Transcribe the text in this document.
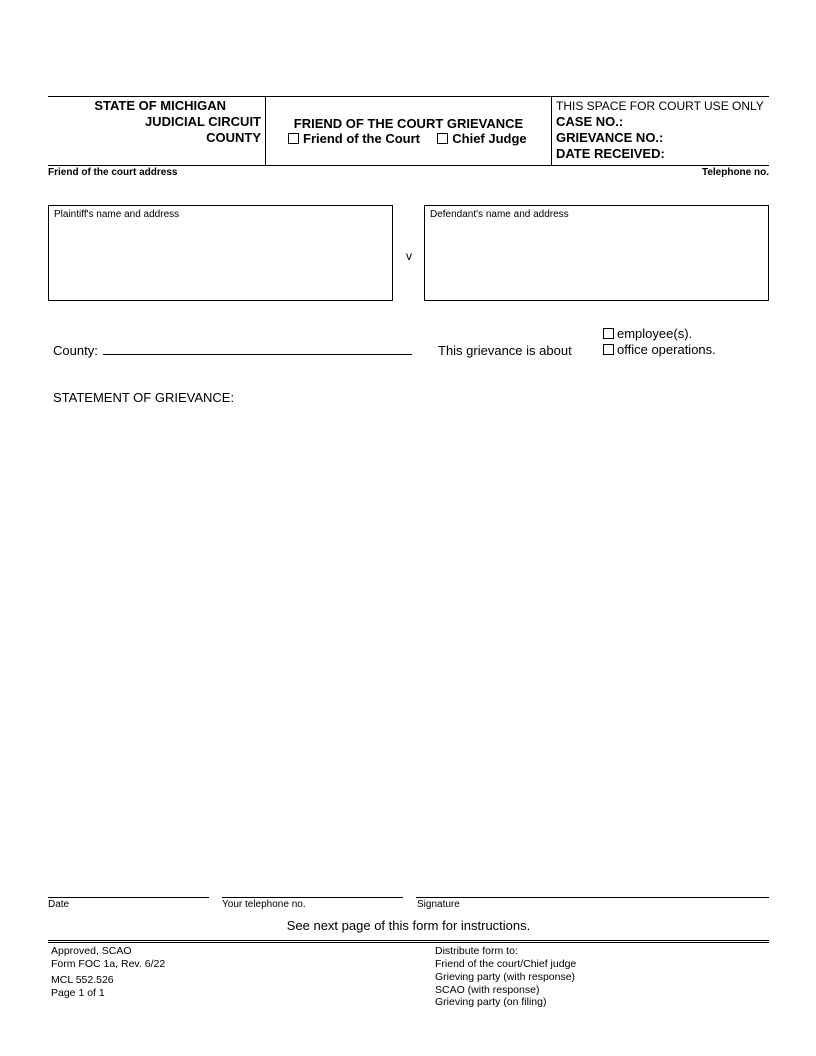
STATE OF MICHIGAN
JUDICIAL CIRCUIT
COUNTY
FRIEND OF THE COURT GRIEVANCE
Friend of the Court Chief Judge
THIS SPACE FOR COURT USE ONLY
CASE NO.:
GRIEVANCE NO.:
DATE RECEIVED:
Friend of the court address	Telephone no.
Plaintiff's name and address
v
Defendant's name and address
County:	This grievance is about
employee(s).
office operations.
STATEMENT OF GRIEVANCE:
Date	Your telephone no.	Signature
See next page of this form for instructions.
Approved, SCAO
Form FOC 1a, Rev. 6/22
MCL 552.526
Page 1 of 1
Distribute form to:
Friend of the court/Chief judge
Grieving party (with response)
SCAO (with response)
Grieving party (on filing)
